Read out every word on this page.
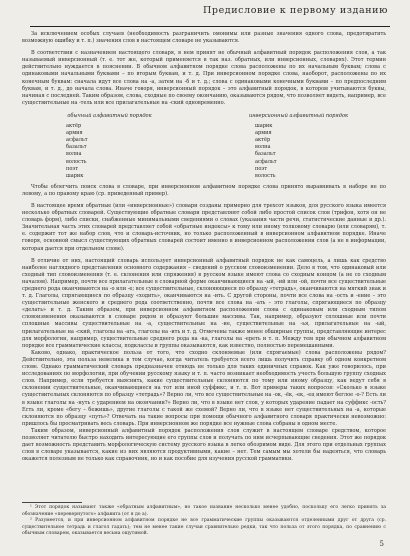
Предисловие к первому изданию

За исключением особых случаев (необходимость разграничить омонимы или разные значения одного слова, предотвратить возможную ошибку и т. п.) значения слов в настоящем словаре не указываются.

В соответствии с назначением настоящего словаря, в нем принят не обычный алфавитный порядок расположения слов, а так называемый инверсионный (т. е. тот же, который применяется в так наз. обратных, или инверсионных, словарях). Этот термин действительно нуждается в пояснении. В обычном алфавитном порядке слова расположены по их начальным буквам; слова с одинаковыми начальными буквами – по вторым буквам, и т. д. При инверсионном порядке слова, наоборот, расположены по их конечным буквам: сначала идут все слова на -а, затем на -б и т. д.; слова с одинаковыми конечными буквами – по предпоследним буквам, и т. д., до начала слова. Иначе говоря, инверсионный порядок – это алфавитный порядок, в котором учитываются буквы, начиная с последней. Таким образом, слова, сходные по своему окончанию, оказываются рядом, что позволяет видеть, например, все существительные на -тель или все прилагательные на -ский одновременно.

обычный алфавитный порядок
актёр
армия
асфальт
базальт
волна
волость
поэт
шарик
инверсионный алфавитный порядок
шарик
армия
актёр
волна
базальт
асфальт
поэт
волость

Чтобы облегчить поиск слова в словаре, при инверсионном алфавитном порядке слова принято выравнивать в наборе не по левому, а по правому краю (ср. приведенный пример).

В настоящее время обратные (или «инверсионные») словари созданы примерно для трехсот языков, для русского языка имеется несколько обратных словарей. Существующие обратные словари представляют собой либо простой список слов (трифон, хотя он не словарь форм), либо списки, снабженные минимальными сведениями о словах (указания части речи, статистические данные и др.). Значительная часть этих словарей представляет собой «обратные индексы» к тому или иному толковому словарю (или словарям), т. е. содержит тот же набор слов, что и словарь-источник, но только расположенный в инверсионном алфавитном порядке. Иначе говоря, основной смысл существующих обратных словарей состоит именно в инверсионном расположении слов (а не в информации, которая дается при отдельном слове).

В отличие от них, настоящий словарь использует инверсионный алфавитный порядок не как самоцель, а лишь как средство наиболее наглядного представления основного содержания – сведений о русском словоизменении. Дело в том, что одинаковый или сходный тип словоизменения (т. е. склонения или спряжения) в русском языке имеют слова со сходным концом (а не со сходным началом). Например, почти все прилагательные в словарной форме оканчивающиеся на -ый, -ий или -ой, почти все существительные среднего рода оканчиваются на -о или -е; все существительные, склоняющиеся по образцу «тетрадь», оканчиваются на мягкий знак и т. д. Глаголы, спрягающиеся по образцу «ходить», оканчиваются на -ить. С другой стороны, почти все слова на -ость и -ение – это существительные женского и среднего рода соответственно, почти все слова на -ать – это глаголы, спрягающиеся по образцу «делать» и т. д. Таким образом, при инверсионном алфавитном расположении слова с одинаковым или сходным типом словоизменения оказываются в словаре рядом и образуют большие массивы. Так, например, образуют сплошные или почти сплошные массивы существительные на -а, существительные на -ие, существительные на -ья, прилагательные на -ый, прилагательные на -ский, глаголы на -ать, глаголы на -ить и т. д. Отмечены также менее обширные группы, представляющие интерес для морфологии, например, существительные среднего рода на -ка, глаголы на -ереть и т. п. Между тем при обычном алфавитном порядке все грамматические классы, подклассы и группы оказываются, как известно, полностью перемешанными.

Каково, однако, практическое польза от того, что сходно склоняемые (или спрягаемые) слова расположены рядом? Действительно, эта польза невелика в том случае, когда читатель требуется всего лишь получить справку об одном конкретном слове. Однако грамматический словарь предназначен отнюдь не только для таких единичных справок. Как уже говорилось, при исследованиях по морфологии, при обучении русскому языку и т. п. часто возникает необходимость учесть большую группу сходных слов. Например, если требуется выяснить, какие существительные склоняются по тому или иному образцу, как ведут себя в склонении существительные, оканчивающиеся на тот или иной суффикс, и т. п. Вот примеры таких вопросов: «Сколько в языке существительных склоняются по образцу «тетрадь»? Верно ли, что все существительные на -ок, -ёк, -ек, -ец имеют беглое -о-? Есть ли в языке глаголы на -нуть с ударением на окончании?» Верно ли, что в языке нет слов, у которых ударение падает на суффикс -ость? Есть ли, кроме «бегу – бежишь», другие глаголы с такой же схемой? Верно ли, что в языке нет существительных на -а, которые склоняются по образцу «путь»? Отвечать на такие вопросы при помощи обычного алфавитного словаря практически невозможно: пришлось бы просматривать весь словарь. При инверсионном же порядке все нужные слова собраны в одном месте.

Таким образом, инверсионный алфавитный порядок расположения слов служит в настоящем словаре средством, которое позволяет читателю быстро находить интересующие его группы слов и получать по ним исчерпывающие сведения. Этот же порядок дает возможность представить морфологическую систему русского языка в легко обозримом виде. Для этого при отдельных группах слов в словаре указывается, какие из них являются продуктивными, какие – нет. Тем самым мы хотели бы надеяться, что словарь окажется полезным не только как справочник, но и как пособие для изучения русской грамматики.

¹ Этот порядок называют также «обратным алфавитным», но такое название несколько менее удобно, поскольку его легко принять за обозначение «перевернутого» алфавита (от я до а).

² Разумеется, и при инверсионном алфавитном порядке не все грамматические группы оказываются отделенными друг от друга (ср. существительное тетрадь и глагол гадать); тем не менее такие случаи сравнительно редки, так что польза от этого порядка, по сравнению с обычным словарем, оказывается весьма ощутимой.

5
